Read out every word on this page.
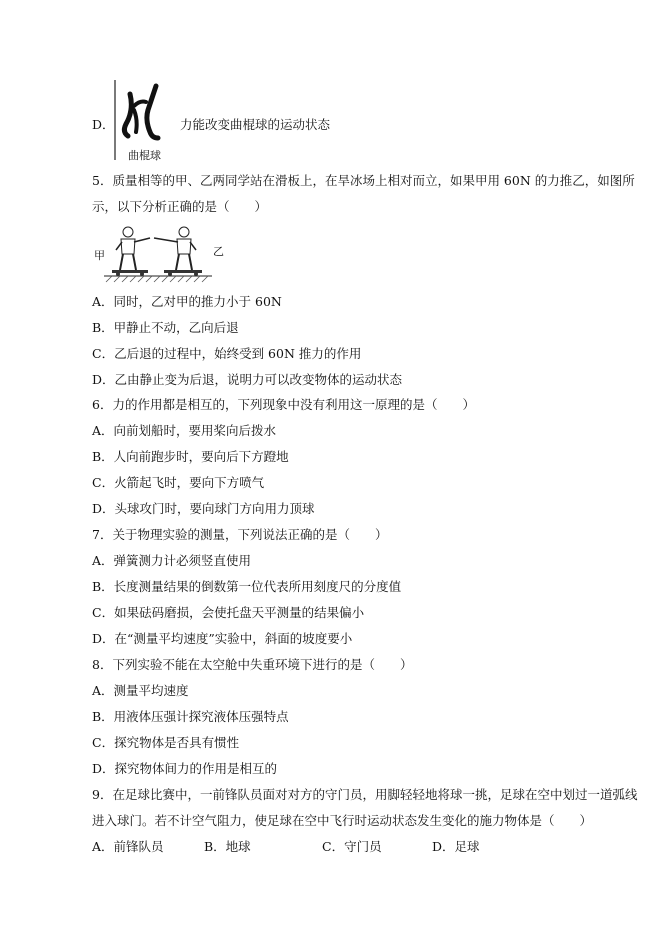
D．
曲棍球
力能改变曲棍球的运动状态
5．质量相等的甲、乙两同学站在滑板上，在旱冰场上相对而立，如果甲用 60N 的力推乙，如图所
示，以下分析正确的是（　　）
甲	乙
A．同时，乙对甲的推力小于 60N
B．甲静止不动，乙向后退
C．乙后退的过程中，始终受到 60N 推力的作用
D．乙由静止变为后退，说明力可以改变物体的运动状态
6．力的作用都是相互的，下列现象中没有利用这一原理的是（　　）
A．向前划船时，要用桨向后拨水
B．人向前跑步时，要向后下方蹬地
C．火箭起飞时，要向下方喷气
D．头球攻门时，要向球门方向用力顶球
7．关于物理实验的测量，下列说法正确的是（　　）
A．弹簧测力计必须竖直使用
B．长度测量结果的倒数第一位代表所用刻度尺的分度值
C．如果砝码磨损，会使托盘天平测量的结果偏小
D．在“测量平均速度”实验中，斜面的坡度要小
8．下列实验不能在太空舱中失重环境下进行的是（　　）
A．测量平均速度
B．用液体压强计探究液体压强特点
C．探究物体是否具有惯性
D．探究物体间力的作用是相互的
9．在足球比赛中，一前锋队员面对对方的守门员，用脚轻轻地将球一挑，足球在空中划过一道弧线
进入球门。若不计空气阻力，使足球在空中飞行时运动状态发生变化的施力物体是（　　）
A．前锋队员	B．地球	C．守门员	D．足球
